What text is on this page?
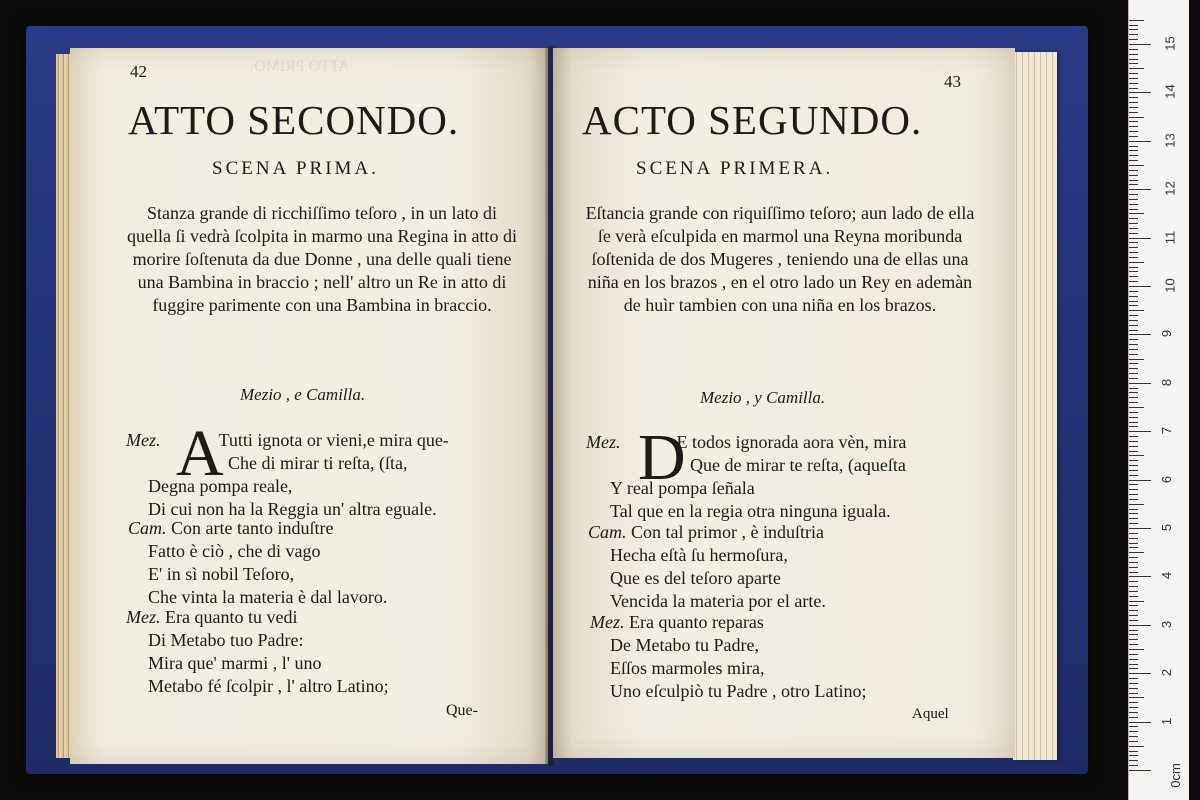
ATTO PRIMO.
42
ATTO SECONDO.
SCENA PRIMA.
Stanza grande di ricchiſſimo teſoro , in un lato di quella ſi vedrà ſcolpita in marmo una Regina in atto di morire ſoſtenuta da due Donne , una delle quali tiene una Bambina in braccio ; nell' altro un Re in atto di fuggire parimente con una Bambina in braccio.
Mezio , e Camilla.
A
Mez.	Tutti ignota or vieni,e mira que-
Che di mirar ti reſta, (ſta,
Degna pompa reale,
Di cui non ha la Reggia un' altra eguale.
Cam. Con arte tanto induſtre
Fatto è ciò , che di vago
E' in sì nobil Teſoro,
Che vinta la materia è dal lavoro.
Mez. Era quanto tu vedi
Di Metabo tuo Padre:
Mira que' marmi , l' uno
Metabo fé ſcolpir , l' altro Latino;
Que-
43
ACTO SEGUNDO.
SCENA PRIMERA.
Eſtancia grande con riquiſſimo teſoro; aun lado de ella ſe verà eſculpida en marmol una Reyna moribunda ſoſtenida de dos Mugeres , teniendo una de ellas una niña en los brazos , en el otro lado un Rey en ademàn de huìr tambien con una niña en los brazos.
Mezio , y Camilla.
D
Mez.	E todos ignorada aora vèn, mira
Que de mirar te reſta, (aqueſta
Y real pompa ſeñala
Tal que en la regia otra ninguna iguala.
Cam. Con tal primor , è induſtria
Hecha eſtà ſu hermoſura,
Que es del teſoro aparte
Vencida la materia por el arte.
Mez. Era quanto reparas
De Metabo tu Padre,
Eſſos marmoles mira,
Uno eſculpiò tu Padre , otro Latino;
Aquel
0cm
1
2
3
4
5
6
7
8
9
10
11
12
13
14
15
